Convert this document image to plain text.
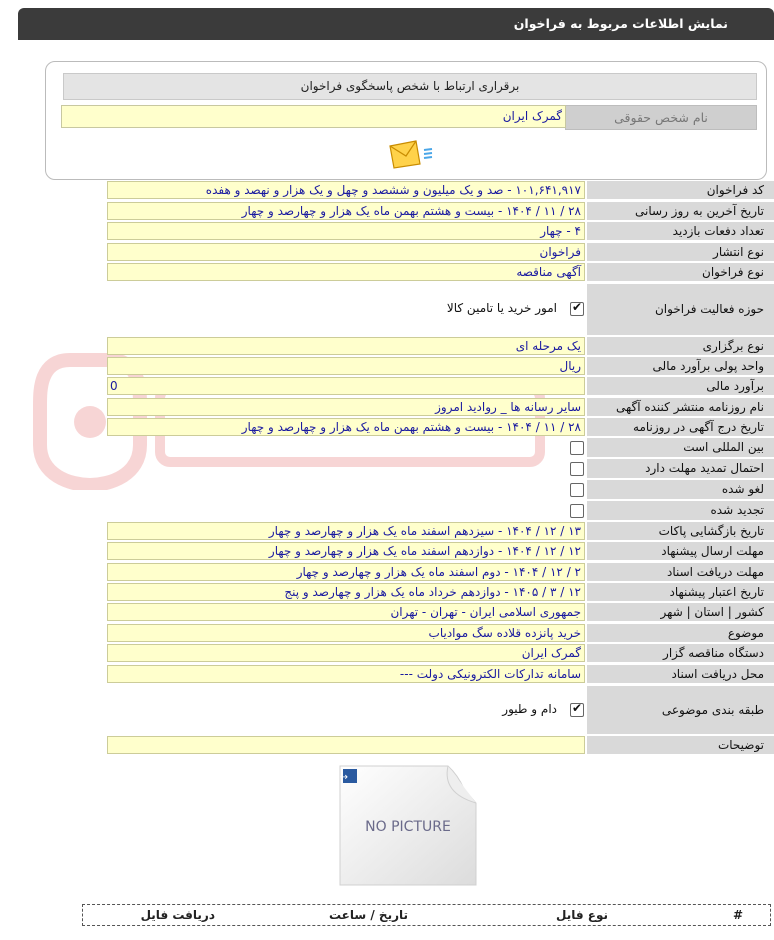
نمایش اطلاعات مربوط به فراخوان
برقراری ارتباط با شخص پاسخگوی فراخوان
نام شخص حقوقی
گمرک ایران
کد فراخوان
۱۰۱,۶۴۱,۹۱۷ - صد و یک میلیون و ششصد و چهل و یک هزار و نهصد و هفده
تاریخ آخرین به روز رسانی
۲۸ / ۱۱ / ۱۴۰۴ - بیست و هشتم بهمن ماه یک هزار و چهارصد و چهار
تعداد دفعات بازدید
۴ - چهار
نوع انتشار
فراخوان
نوع فراخوان
آگهی مناقصه
حوزه فعالیت فراخوان
✔
امور خرید یا تامین کالا
نوع برگزاری
یک مرحله ای
واحد پولی برآورد مالی
ریال
برآورد مالی
0
نام روزنامه منتشر کننده آگهی
سایر رسانه ها _ روادید امروز
تاریخ درج آگهی در روزنامه
۲۸ / ۱۱ / ۱۴۰۴ - بیست و هشتم بهمن ماه یک هزار و چهارصد و چهار
بین المللی است
احتمال تمدید مهلت دارد
لغو شده
تجدید شده
تاریخ بازگشایی پاکات
۱۳ / ۱۲ / ۱۴۰۴ - سیزدهم اسفند ماه یک هزار و چهارصد و چهار
مهلت ارسال پیشنهاد
۱۲ / ۱۲ / ۱۴۰۴ - دوازدهم اسفند ماه یک هزار و چهارصد و چهار
مهلت دریافت اسناد
۲ / ۱۲ / ۱۴۰۴ - دوم اسفند ماه یک هزار و چهارصد و چهار
تاریخ اعتبار پیشنهاد
۱۲ / ۳ / ۱۴۰۵ - دوازدهم خرداد ماه یک هزار و چهارصد و پنج
کشور | استان | شهر
جمهوری اسلامی ایران - تهران - تهران
موضوع
خرید پانزده قلاده سگ موادیاب
دستگاه مناقصه گزار
گمرک ایران
محل دریافت اسناد
سامانه تدارکات الکترونیکی دولت ---
طبقه بندی موضوعی
✔
دام و طیور
توضیحات
→
NO PICTURE
#
نوع فایل
تاریخ / ساعت
دریافت فایل
